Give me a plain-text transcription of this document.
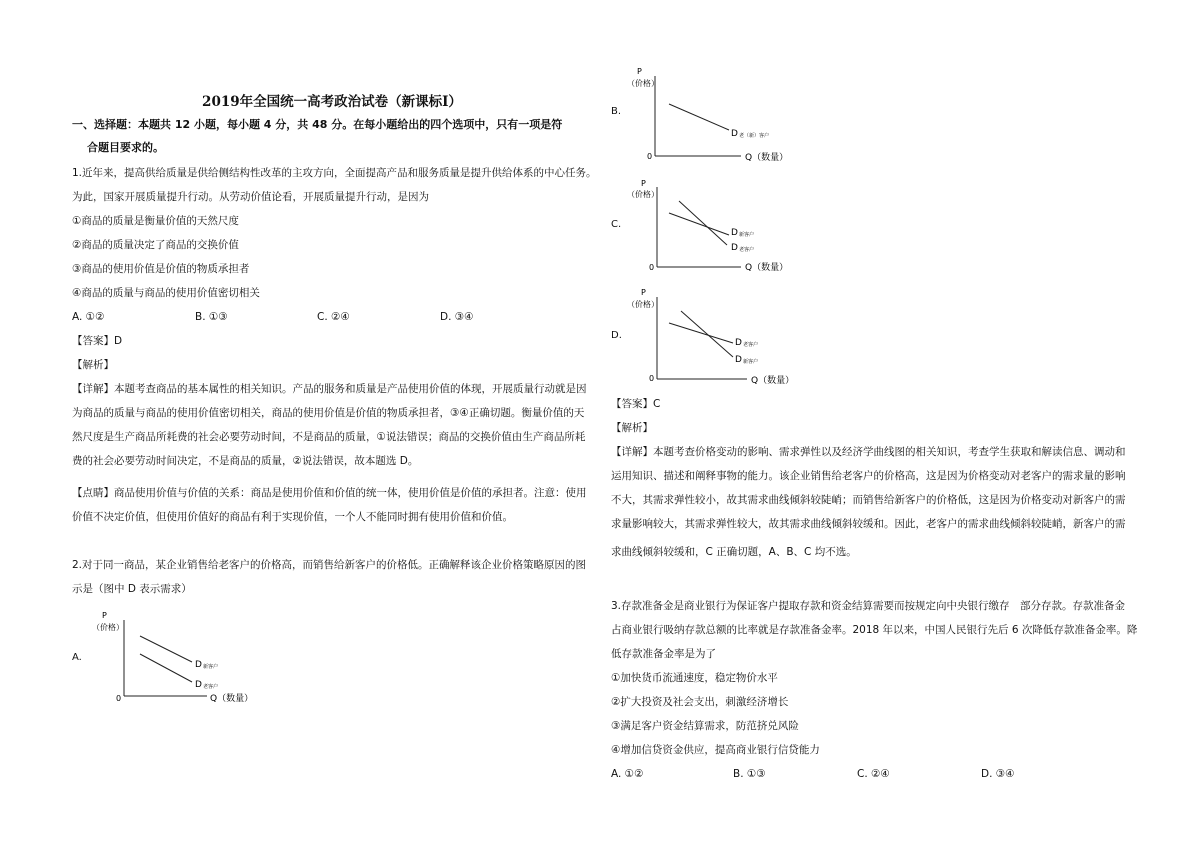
2019年全国统一高考政治试卷（新课标Ⅰ）
一、选择题：本题共 12 小题，每小题 4 分，共 48 分。在每小题给出的四个选项中，只有一项是符
合题目要求的。
1.近年来，提高供给质量是供给侧结构性改革的主攻方向，全面提高产品和服务质量是提升供给体系的中心任务。
为此，国家开展质量提升行动。从劳动价值论看，开展质量提升行动，是因为
①商品的质量是衡量价值的天然尺度
②商品的质量决定了商品的交换价值
③商品的使用价值是价值的物质承担者
④商品的质量与商品的使用价值密切相关
A. ①②	B. ①③	C. ②④	D. ③④
【答案】D
【解析】
【详解】本题考查商品的基本属性的相关知识。产品的服务和质量是产品使用价值的体现，开展质量行动就是因
为商品的质量与商品的使用价值密切相关，商品的使用价值是价值的物质承担者，③④正确切题。衡量价值的天
然尺度是生产商品所耗费的社会必要劳动时间，不是商品的质量，①说法错误；商品的交换价值由生产商品所耗
费的社会必要劳动时间决定，不是商品的质量，②说法错误，故本题选 D。
【点睛】商品使用价值与价值的关系：商品是使用价值和价值的统一体，使用价值是价值的承担者。注意：使用
价值不决定价值，但使用价值好的商品有利于实现价值，一个人不能同时拥有使用价值和价值。
2.对于同一商品，某企业销售给老客户的价格高，而销售给新客户的价格低。正确解释该企业价格策略原因的图
示是（图中 D 表示需求）
A.
P
（价格）
0	Q（数量）
D 新客户
D 老客户
B.
P
（价格）
0	Q（数量）
D 老（新）客户
C.
P
（价格）
0	Q（数量）
D 新客户
D 老客户
D.
P
（价格）
0	Q（数量）
D 老客户
D 新客户
【答案】C
【解析】
【详解】本题考查价格变动的影响、需求弹性以及经济学曲线图的相关知识，考查学生获取和解读信息、调动和
运用知识、描述和阐释事物的能力。该企业销售给老客户的价格高，这是因为价格变动对老客户的需求量的影响
不大，其需求弹性较小，故其需求曲线倾斜较陡峭；而销售给新客户的价格低，这是因为价格变动对新客户的需
求量影响较大，其需求弹性较大，故其需求曲线倾斜较缓和。因此，老客户的需求曲线倾斜较陡峭，新客户的需
求曲线倾斜较缓和，C 正确切题，A、B、C 均不选。
3.存款准备金是商业银行为保证客户提取存款和资金结算需要而按规定向中央银行缴存　部分存款。存款准备金
占商业银行吸纳存款总额的比率就是存款准备金率。2018 年以来，中国人民银行先后 6 次降低存款准备金率。降
低存款准备金率是为了
①加快货币流通速度，稳定物价水平
②扩大投资及社会支出，刺激经济增长
③满足客户资金结算需求，防范挤兑风险
④增加信贷资金供应，提高商业银行信贷能力
A. ①②	B. ①③	C. ②④	D. ③④
